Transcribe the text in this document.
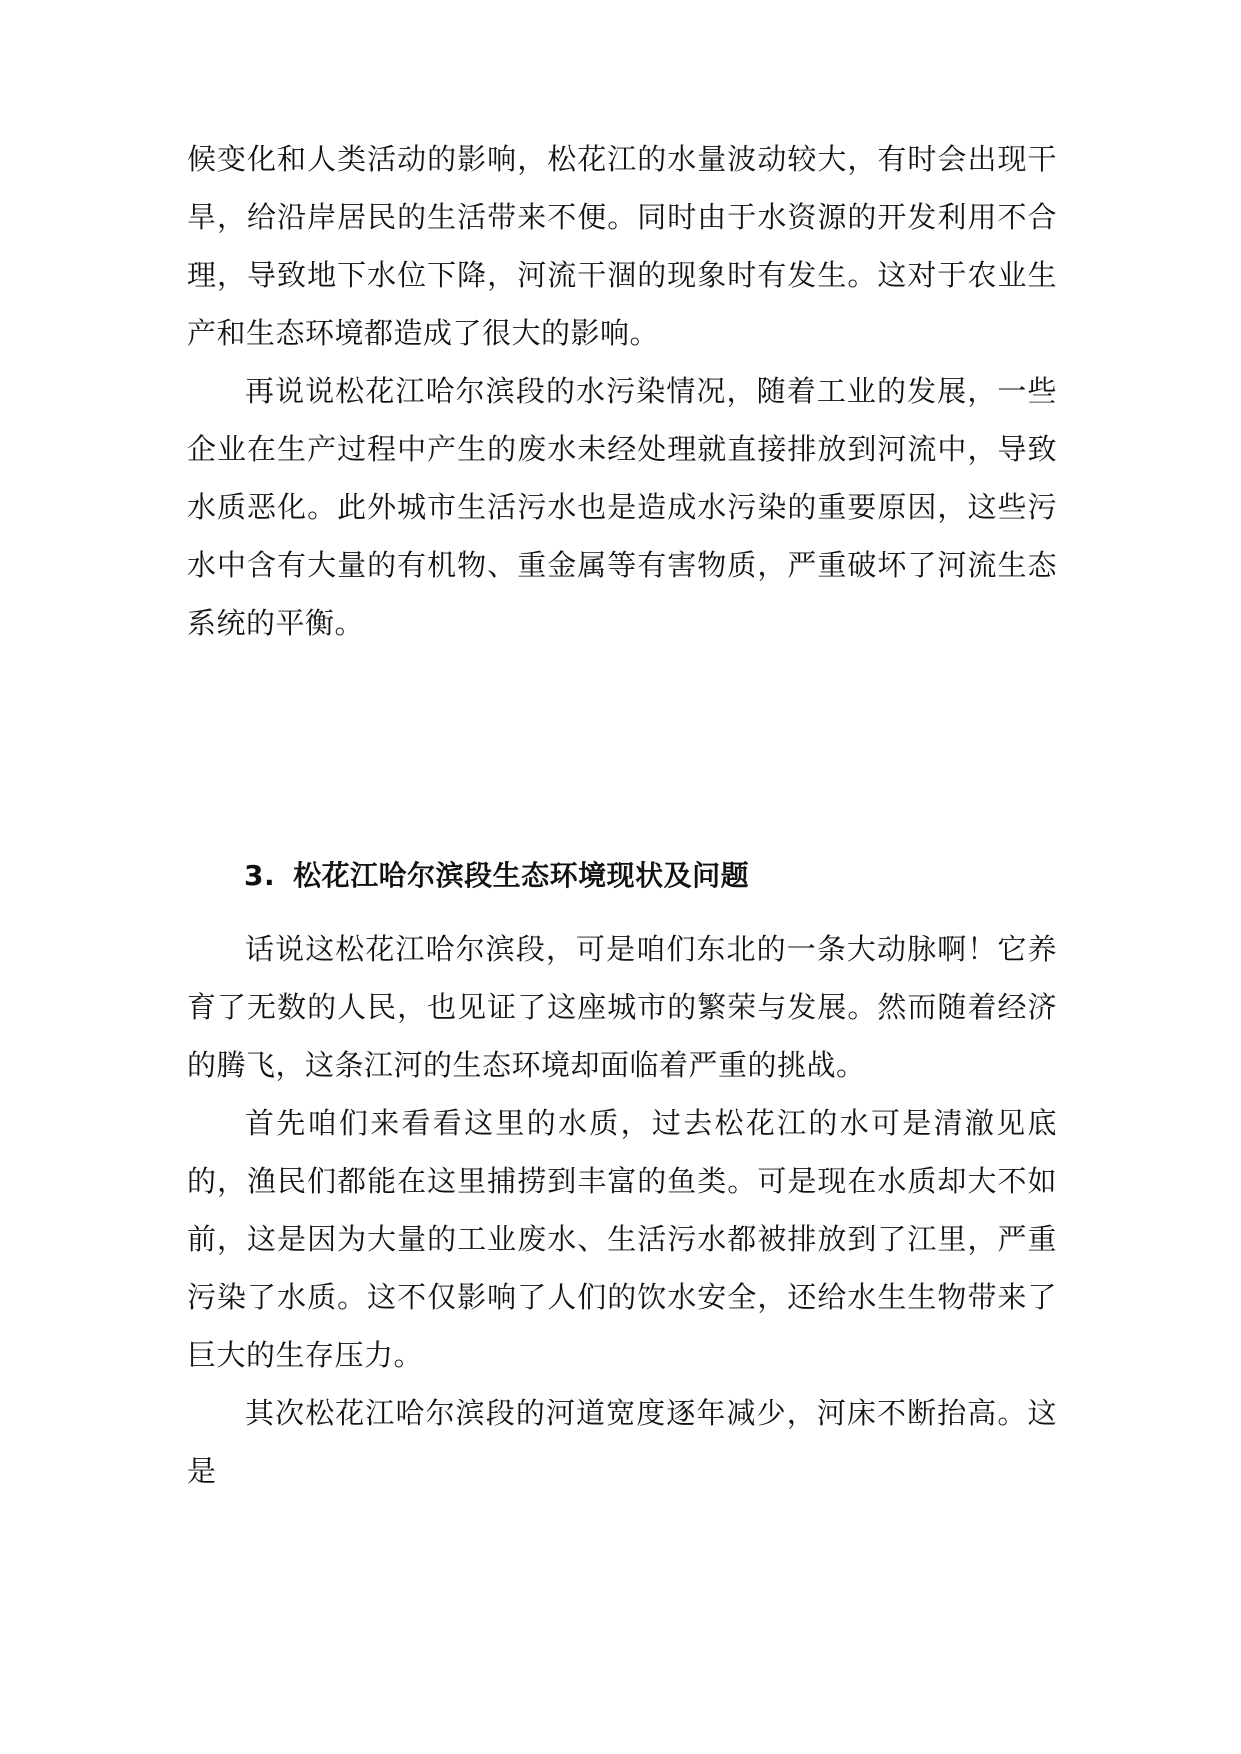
候变化和人类活动的影响，松花江的水量波动较大，有时会出现干旱，给沿岸居民的生活带来不便。同时由于水资源的开发利用不合理，导致地下水位下降，河流干涸的现象时有发生。这对于农业生产和生态环境都造成了很大的影响。

再说说松花江哈尔滨段的水污染情况，随着工业的发展，一些企业在生产过程中产生的废水未经处理就直接排放到河流中，导致水质恶化。此外城市生活污水也是造成水污染的重要原因，这些污水中含有大量的有机物、重金属等有害物质，严重破坏了河流生态系统的平衡。

3. 松花江哈尔滨段生态环境现状及问题

话说这松花江哈尔滨段，可是咱们东北的一条大动脉啊！它养育了无数的人民，也见证了这座城市的繁荣与发展。然而随着经济的腾飞，这条江河的生态环境却面临着严重的挑战。

首先咱们来看看这里的水质，过去松花江的水可是清澈见底的，渔民们都能在这里捕捞到丰富的鱼类。可是现在水质却大不如前，这是因为大量的工业废水、生活污水都被排放到了江里，严重污染了水质。这不仅影响了人们的饮水安全，还给水生生物带来了巨大的生存压力。

其次松花江哈尔滨段的河道宽度逐年减少，河床不断抬高。这是
